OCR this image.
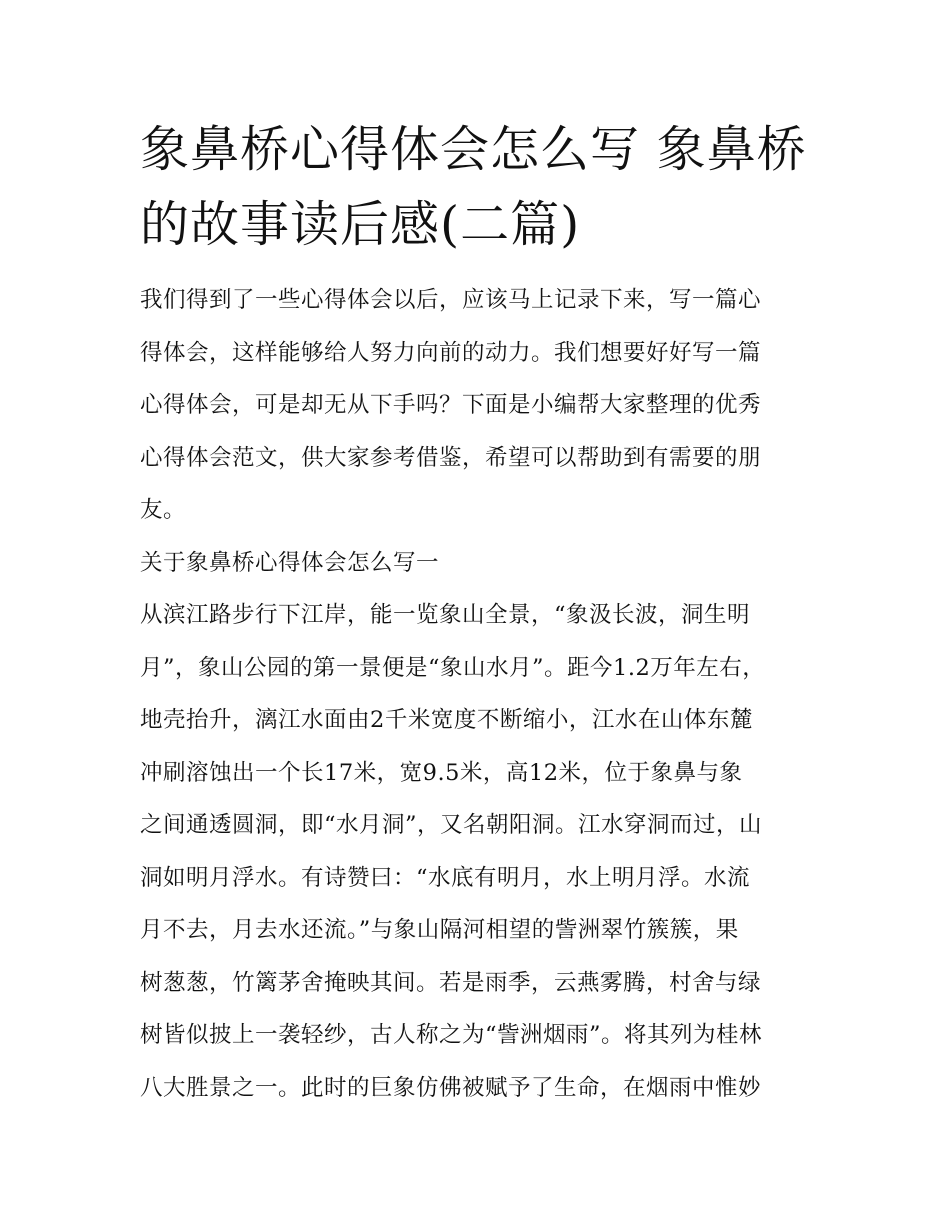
象鼻桥心得体会怎么写 象鼻桥
的故事读后感(二篇)
我们得到了一些心得体会以后，应该马上记录下来，写一篇心
得体会，这样能够给人努力向前的动力。我们想要好好写一篇
心得体会，可是却无从下手吗？下面是小编帮大家整理的优秀
心得体会范文，供大家参考借鉴，希望可以帮助到有需要的朋
友。
关于象鼻桥心得体会怎么写一
从滨江路步行下江岸，能一览象山全景，“象汲长波，洞生明
月”，象山公园的第一景便是“象山水月”。距今1.2万年左右，
地壳抬升，漓江水面由2千米宽度不断缩小，江水在山体东麓
冲刷溶蚀出一个长17米，宽9.5米，高12米，位于象鼻与象
之间通透圆洞，即“水月洞”，又名朝阳洞。江水穿洞而过，山
洞如明月浮水。有诗赞曰：“水底有明月，水上明月浮。水流
月不去，月去水还流。”与象山隔河相望的訾洲翠竹簇簇，果
树葱葱，竹篱茅舍掩映其间。若是雨季，云燕雾腾，村舍与绿
树皆似披上一袭轻纱，古人称之为“訾洲烟雨”。将其列为桂林
八大胜景之一。此时的巨象仿佛被赋予了生命，在烟雨中惟妙
